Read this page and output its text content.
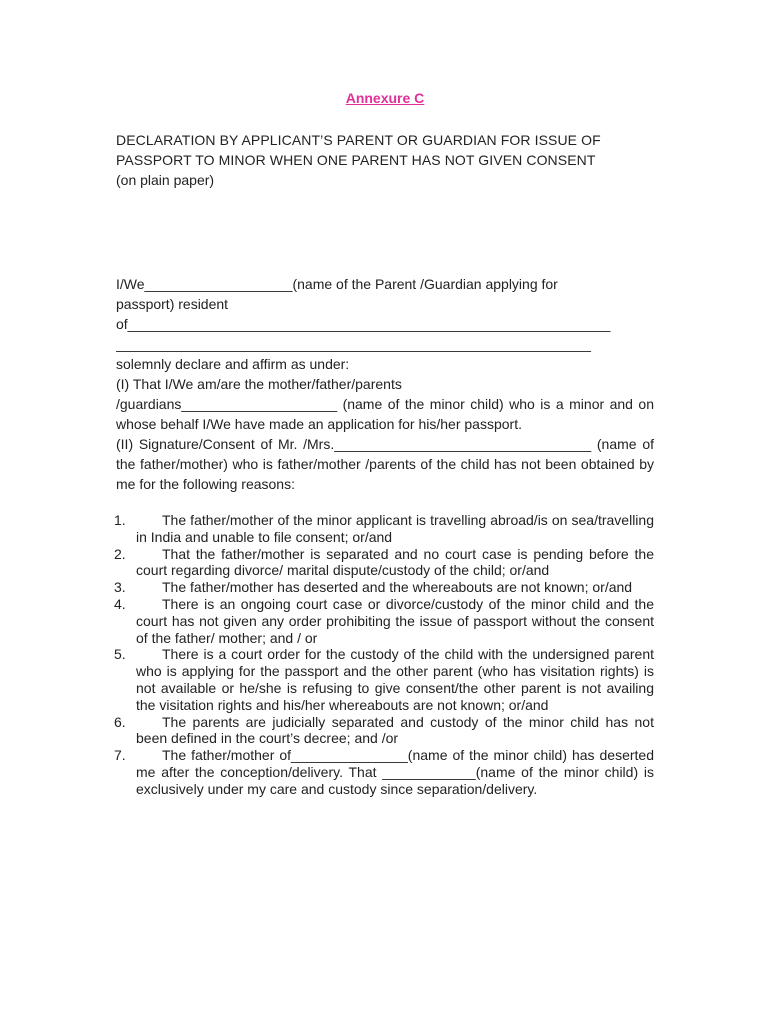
Annexure C

DECLARATION BY APPLICANT’S PARENT OR GUARDIAN FOR ISSUE OF

PASSPORT TO MINOR WHEN ONE PARENT HAS NOT GIVEN CONSENT

(on plain paper)

I/We___________________(name of the Parent /Guardian applying for

passport) resident

of______________________________________________________________
_____________________________________________________________

solemnly declare and affirm as under:

(I) That I/We am/are the mother/father/parents

/guardians____________________ (name of the minor child) who is a minor and on whose behalf I/We have made an application for his/her passport.

(II) Signature/Consent of Mr. /Mrs._________________________________ (name of the father/mother) who is father/mother /parents of the child has not been obtained by me for the following reasons:

1.	The father/mother of the minor applicant is travelling abroad/is on sea/travelling in India and unable to file consent; or/and
2.	That the father/mother is separated and no court case is pending before the court regarding divorce/ marital dispute/custody of the child; or/and
3.	The father/mother has deserted and the whereabouts are not known; or/and
4.	There is an ongoing court case or divorce/custody of the minor child and the court has not given any order prohibiting the issue of passport without the consent of the father/ mother; and / or
5.	There is a court order for the custody of the child with the undersigned parent who is applying for the passport and the other parent (who has visitation rights) is not available or he/she is refusing to give consent/the other parent is not availing the visitation rights and his/her whereabouts are not known; or/and
6.	The parents are judicially separated and custody of the minor child has not been defined in the court’s decree; and /or
7.	The father/mother of_______________(name of the minor child) has deserted me after the conception/delivery. That ____________(name of the minor child) is exclusively under my care and custody since separation/delivery.
